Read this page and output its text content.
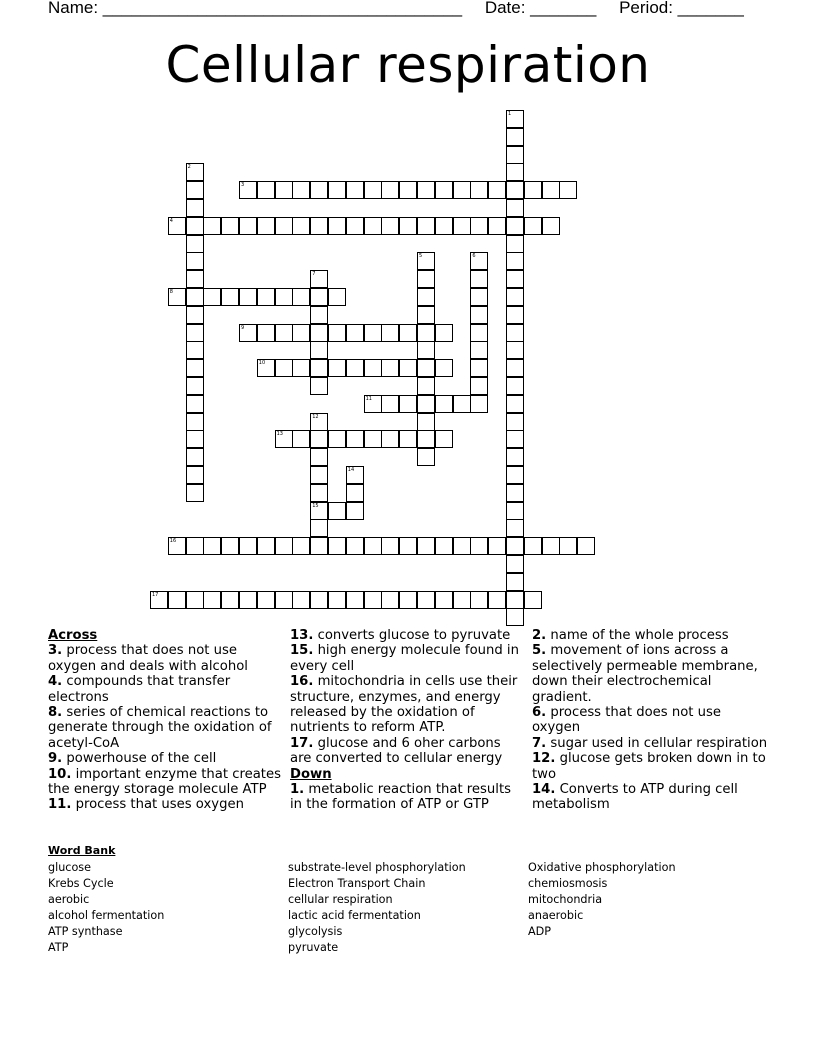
Name: ______________________________________ Date: _______ Period: _______
Cellular respiration
1
2
3
4
5	6
7
8
9
10
11
12
15
13
14
16
17
Across

3. process that does not use oxygen and deals with alcohol

4. compounds that transfer electrons

8. series of chemical reactions to generate through the oxidation of acetyl-CoA

9. powerhouse of the cell

10. important enzyme that creates the energy storage molecule ATP

11. process that uses oxygen

13. converts glucose to pyruvate

15. high energy molecule found in every cell

16. mitochondria in cells use their structure, enzymes, and energy released by the oxidation of nutrients to reform ATP.

17. glucose and 6 oher carbons are converted to cellular energy

Down

1. metabolic reaction that results in the formation of ATP or GTP

2. name of the whole process

5. movement of ions across a selectively permeable membrane, down their electrochemical gradient.

6. process that does not use oxygen

7. sugar used in cellular respiration

12. glucose gets broken down in to two

14. Converts to ATP during cell metabolism

Word Bank
glucose
Krebs Cycle
aerobic
alcohol fermentation
ATP synthase
ATP
substrate-level phosphorylation
Electron Transport Chain
cellular respiration
lactic acid fermentation
glycolysis
pyruvate
Oxidative phosphorylation
chemiosmosis
mitochondria
anaerobic
ADP
